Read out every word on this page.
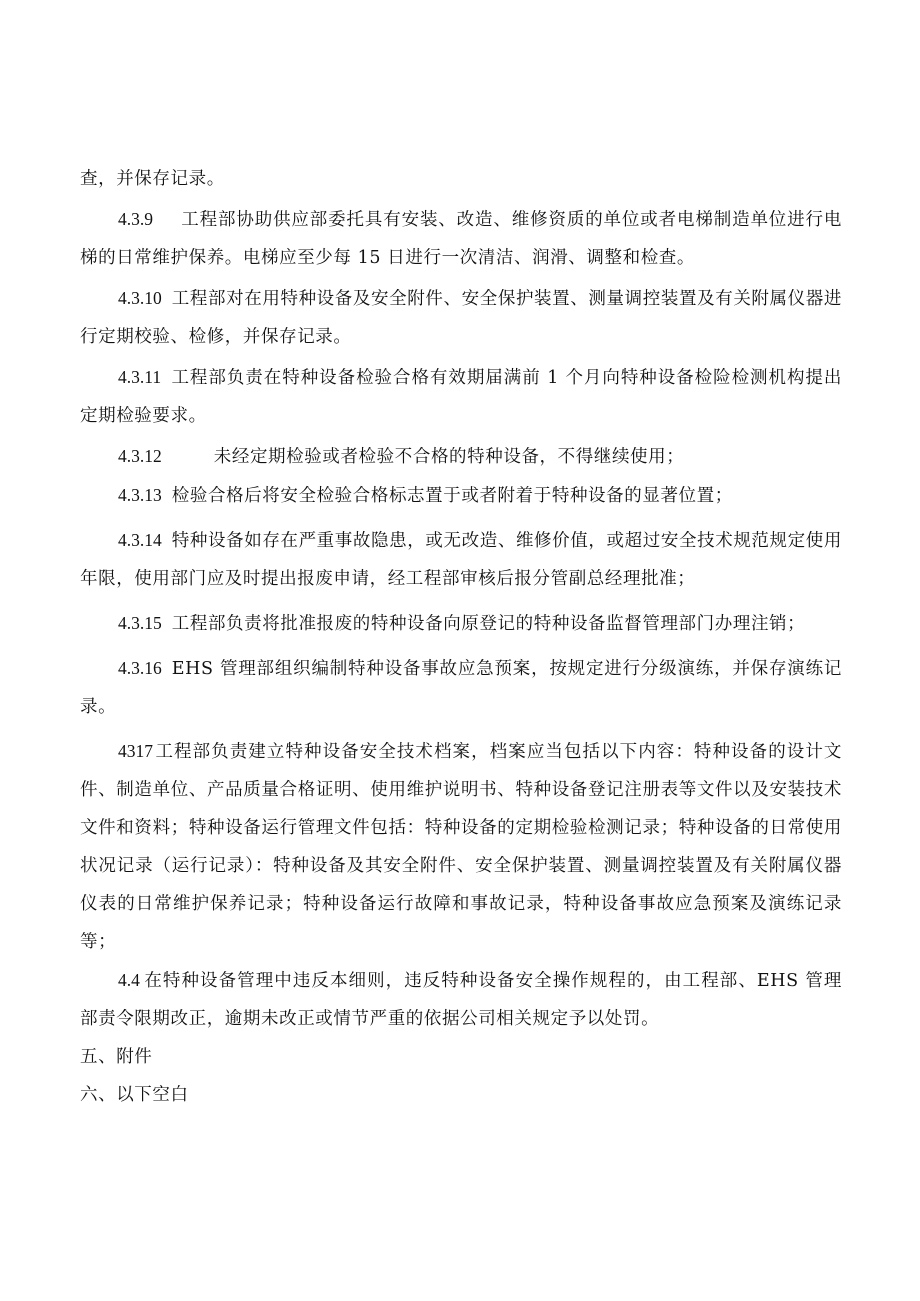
查，并保存记录。

4.3.9 工程部协助供应部委托具有安装、改造、维修资质的单位或者电梯制造单位进行电梯的日常维护保养。电梯应至少每 15 日进行一次清洁、润滑、调整和检查。

4.3.10 工程部对在用特种设备及安全附件、安全保护装置、测量调控装置及有关附属仪器进行定期校验、检修，并保存记录。

4.3.11 工程部负责在特种设备检验合格有效期届满前 1 个月向特种设备检险检测机构提出定期检验要求。

4.3.12	未经定期检验或者检验不合格的特种设备，不得继续使用；

4.3.13 检验合格后将安全检验合格标志置于或者附着于特种设备的显著位置；

4.3.14 特种设备如存在严重事故隐患，或无改造、维修价值，或超过安全技术规范规定使用年限，使用部门应及时提出报废申请，经工程部审核后报分管副总经理批准；

4.3.15 工程部负责将批准报废的特种设备向原登记的特种设备监督管理部门办理注销；

4.3.16 EHS 管理部组织编制特种设备事故应急预案，按规定进行分级演练，并保存演练记录。

4317 工程部负责建立特种设备安全技术档案，档案应当包括以下内容：特种设备的设计文件、制造单位、产品质量合格证明、使用维护说明书、特种设备登记注册表等文件以及安装技术文件和资料；特种设备运行管理文件包括：特种设备的定期检验检测记录；特种设备的日常使用状况记录（运行记录）：特种设备及其安全附件、安全保护装置、测量调控装置及有关附属仪器仪表的日常维护保养记录；特种设备运行故障和事故记录，特种设备事故应急预案及演练记录等；

4.4 在特种设备管理中违反本细则，违反特种设备安全操作规程的，由工程部、EHS 管理部责令限期改正，逾期未改正或情节严重的依据公司相关规定予以处罚。

五、附件

六、以下空白
